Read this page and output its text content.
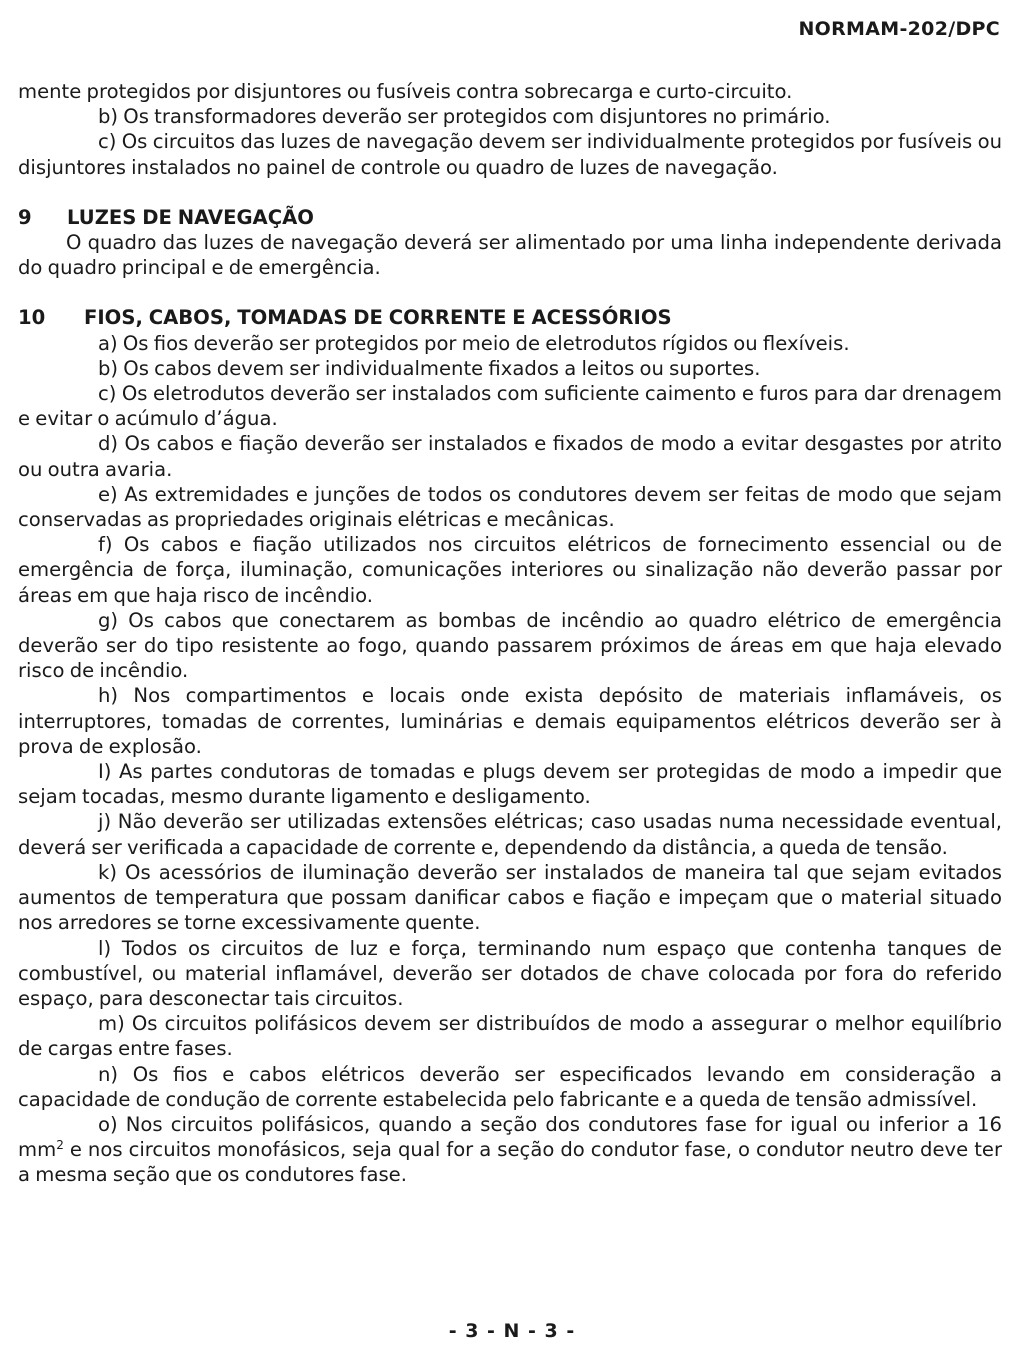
NORMAM-202/DPC

mente protegidos por disjuntores ou fusíveis contra sobrecarga e curto-circuito.

b) Os transformadores deverão ser protegidos com disjuntores no primário.

c) Os circuitos das luzes de navegação devem ser individualmente protegidos por fusíveis ou disjuntores instalados no painel de controle ou quadro de luzes de navegação.

9	LUZES DE NAVEGAÇÃO

O quadro das luzes de navegação deverá ser alimentado por uma linha independente derivada do quadro principal e de emergência.

10	FIOS, CABOS, TOMADAS DE CORRENTE E ACESSÓRIOS

a) Os fios deverão ser protegidos por meio de eletrodutos rígidos ou flexíveis.

b) Os cabos devem ser individualmente fixados a leitos ou suportes.

c) Os eletrodutos deverão ser instalados com suficiente caimento e furos para dar drenagem e evitar o acúmulo d’água.

d) Os cabos e fiação deverão ser instalados e fixados de modo a evitar desgastes por atrito ou outra avaria.

e) As extremidades e junções de todos os condutores devem ser feitas de modo que sejam conservadas as propriedades originais elétricas e mecânicas.

f) Os cabos e fiação utilizados nos circuitos elétricos de fornecimento essencial ou de emergência de força, iluminação, comunicações interiores ou sinalização não deverão passar por áreas em que haja risco de incêndio.

g) Os cabos que conectarem as bombas de incêndio ao quadro elétrico de emergência deverão ser do tipo resistente ao fogo, quando passarem próximos de áreas em que haja elevado risco de incêndio.

h) Nos compartimentos e locais onde exista depósito de materiais inflamáveis, os interruptores, tomadas de correntes, luminárias e demais equipamentos elétricos deverão ser à prova de explosão.

I) As partes condutoras de tomadas e plugs devem ser protegidas de modo a impedir que sejam tocadas, mesmo durante ligamento e desligamento.

j) Não deverão ser utilizadas extensões elétricas; caso usadas numa necessidade eventual, deverá ser verificada a capacidade de corrente e, dependendo da distância, a queda de tensão.

k) Os acessórios de iluminação deverão ser instalados de maneira tal que sejam evitados aumentos de temperatura que possam danificar cabos e fiação e impeçam que o material situado nos arredores se torne excessivamente quente.

l) Todos os circuitos de luz e força, terminando num espaço que contenha tanques de combustível, ou material inflamável, deverão ser dotados de chave colocada por fora do referido espaço, para desconectar tais circuitos.

m) Os circuitos polifásicos devem ser distribuídos de modo a assegurar o melhor equilíbrio de cargas entre fases.

n) Os fios e cabos elétricos deverão ser especificados levando em consideração a capacidade de condução de corrente estabelecida pelo fabricante e a queda de tensão admissível.

o) Nos circuitos polifásicos, quando a seção dos condutores fase for igual ou inferior a 16 $mm^2$ e nos circuitos monofásicos, seja qual for a seção do condutor fase, o condutor neutro deve ter a mesma seção que os condutores fase.

- 3 - N - 3 -
